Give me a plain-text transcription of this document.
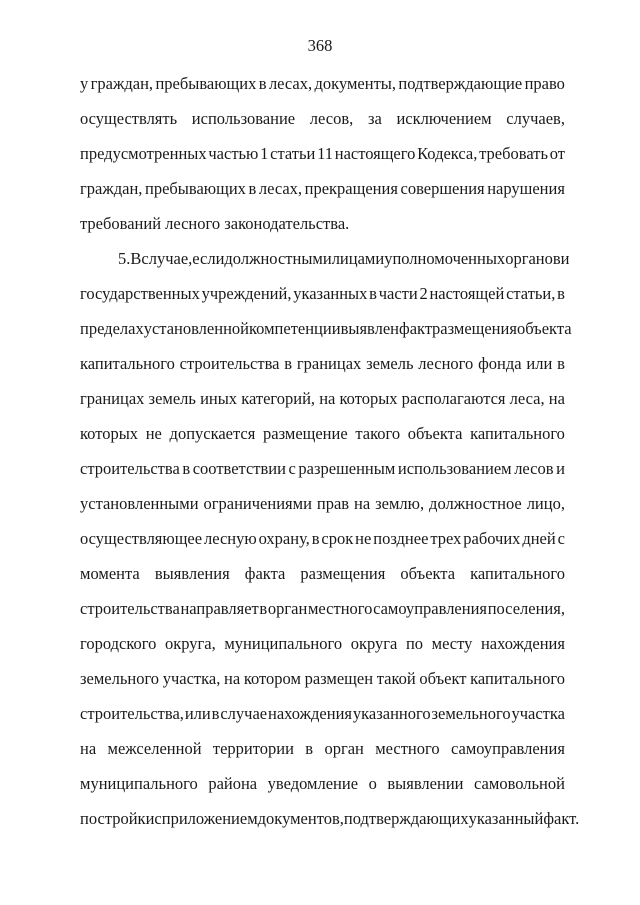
368
у граждан, пребывающих в лесах, документы, подтверждающие право
осуществлять использование лесов, за исключением случаев,
предусмотренных частью 1 статьи 11 настоящего Кодекса, требовать от
граждан, пребывающих в лесах, прекращения совершения нарушения
требований лесного законодательства.
5. В случае, если должностными лицами уполномоченных органов и
государственных учреждений, указанных в части 2 настоящей статьи, в
пределах установленной компетенции выявлен факт размещения объекта
капитального строительства в границах земель лесного фонда или в
границах земель иных категорий, на которых располагаются леса, на
которых не допускается размещение такого объекта капитального
строительства в соответствии с разрешенным использованием лесов и
установленными ограничениями прав на землю, должностное лицо,
осуществляющее лесную охрану, в срок не позднее трех рабочих дней с
момента выявления факта размещения объекта капитального
строительства направляет в орган местного самоуправления поселения,
городского округа, муниципального округа по месту нахождения
земельного участка, на котором размещен такой объект капитального
строительства, или в случае нахождения указанного земельного участка
на межселенной территории в орган местного самоуправления
муниципального района уведомление о выявлении самовольной
постройки с приложением документов, подтверждающих указанный факт.
